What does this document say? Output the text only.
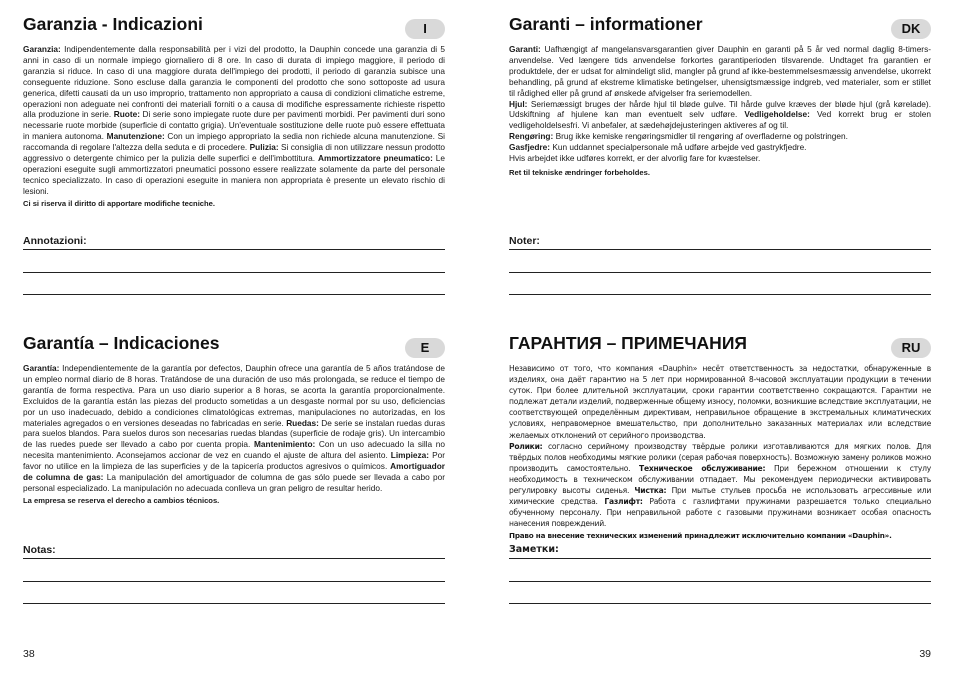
Garanzia - Indicazioni	I

Garanzia: Indipendentemente dalla responsabilità per i vizi del prodotto, la Dauphin concede una garanzia di 5 anni in caso di un normale impiego giornaliero di 8 ore. In caso di durata di impiego maggiore, il periodo di garanzia si riduce. In caso di una maggiore durata dell'impiego dei prodotti, il periodo di garanzia subisce una conseguente riduzione. Sono escluse dalla garanzia le componenti del prodotto che sono sottoposte ad usura generica, difetti causati da un uso improprio, trattamento non appropriato a causa di condizioni climatiche estreme, operazioni non adeguate nei confronti dei materiali forniti o a causa di modifiche espressamente richieste rispetto alla produzione in serie. Ruote: Di serie sono impiegate ruote dure per pavimenti morbidi. Per pavimenti duri sono necessarie ruote morbide (superficie di contatto grigia). Un'eventuale sostituzione delle ruote può essere effettuata in maniera autonoma. Manutenzione: Con un impiego appropriato la sedia non richiede alcuna manutenzione. Si raccomanda di regolare l'altezza della seduta e di procedere. Pulizia: Si consiglia di non utilizzare nessun prodotto aggressivo o detergente chimico per la pulizia delle superfici e dell'imbottitura. Ammortizzatore pneumatico: Le operazioni eseguite sugli ammortizzatori pneumatici possono essere realizzate solamente da parte del personale tecnico specializzato. In caso di operazioni eseguite in maniera non appropriata è presente un elevato rischio di lesioni.

Ci si riserva il diritto di apportare modifiche tecniche.

Annotazioni:
Garanti – informationer	DK

Garanti: Uafhængigt af mangelansvarsgarantien giver Dauphin en garanti på 5 år ved normal daglig 8-timers-anvendelse. Ved længere tids anvendelse forkortes garantiperioden tilsvarende. Undtaget fra garantien er produktdele, der er udsat for almindeligt slid, mangler på grund af ikke-bestemmelsesmæssig anvendelse, ukorrekt behandling, på grund af ekstreme klimatiske betingelser, uhensigtsmæssige indgreb, ved materialer, som er stillet til rådighed eller på grund af ønskede afvigelser fra seriemodellen.
Hjul: Seriemæssigt bruges der hårde hjul til bløde gulve. Til hårde gulve kræves der bløde hjul (grå kørelade). Udskiftning af hjulene kan man eventuelt selv udføre. Vedligeholdelse: Ved korrekt brug er stolen vedligeholdelsesfri. Vi anbefaler, at sædehøjdejusteringen aktiveres af og til.
Rengøring: Brug ikke kemiske rengøringsmidler til rengøring af overfladerne og polstringen.
Gasfjedre: Kun uddannet specialpersonale må udføre arbejde ved gastrykfjedre.
Hvis arbejdet ikke udføres korrekt, er der alvorlig fare for kvæstelser.

Ret til tekniske ændringer forbeholdes.

Noter:
Garantía – Indicaciones	E

Garantía: Independientemente de la garantía por defectos, Dauphin ofrece una garantía de 5 años tratándose de un empleo normal diario de 8 horas. Tratándose de una duración de uso más prolongada, se reduce el tiempo de garantía de forma respectiva. Para un uso diario superior a 8 horas, se acorta la garantía proporcionalmente. Excluidos de la garantía están las piezas del producto sometidas a un desgaste normal por su uso, deficiencias por un uso inadecuado, debido a condiciones climatológicas extremas, manipulaciones no autorizadas, en los materiales agregados o en versiones deseadas no fabricadas en serie. Ruedas: De serie se instalan ruedas duras para suelos blandos. Para suelos duros son necesarias ruedas blandas (superficie de rodaje gris). Un intercambio de las ruedes puede ser llevado a cabo por cuenta propia. Mantenimiento: Con un uso adecuado la silla no necesita mantenimiento. Aconsejamos accionar de vez en cuando el ajuste de altura del asiento. Limpieza: Por favor no utilice en la limpieza de las superficies y de la tapicería productos agresivos o químicos. Amortiguador de columna de gas: La manipulación del amortiguador de columna de gas sólo puede ser llevada a cabo por personal especializado. La manipulación no adecuada conlleva un gran peligro de resultar herido.

La empresa se reserva el derecho a cambios técnicos.

Notas:
ГАРАНТИЯ – ПРИМЕЧАНИЯ	RU

Независимо от того, что компания «Dauphin» несёт ответственность за недостатки, обнаруженные в изделиях, она даёт гарантию на 5 лет при нормированной 8-часовой эксплуатации продукции в течении суток. При более длительной эксплуатации, сроки гарантии соответственно сокращаются. Гарантии не подлежат детали изделий, подверженные общему износу, поломки, возникшие вследствие эксплуатации, не соответствующей определённым директивам, неправильное обращение в экстремальных климатических условиях, неправомерное вмешательство, при дополнительно заказанных материалах или вследствие желаемых отклонений от серийного производства.
Ролики: согласно серийному производству твёрдые ролики изготавливаются для мягких полов. Для твёрдых полов необходимы мягкие ролики (серая рабочая поверхность). Возможную замену роликов можно производить самостоятельно. Техническое обслуживание: При бережном отношении к стулу необходимость в техническом обслуживании отпадает. Мы рекомендуем периодически активировать регулировку высоты сиденья. Чистка: При мытье стульев просьба не использовать агрессивные или химические средства. Газлифт: Работа с газлифтами пружинами разрешается только специально обученному персоналу. При неправильной работе с газовыми пружинами возникает особая опасность нанесения повреждений.

Право на внесение технических изменений принадлежит исключительно компании «Dauphin».

Заметки:
38	39
